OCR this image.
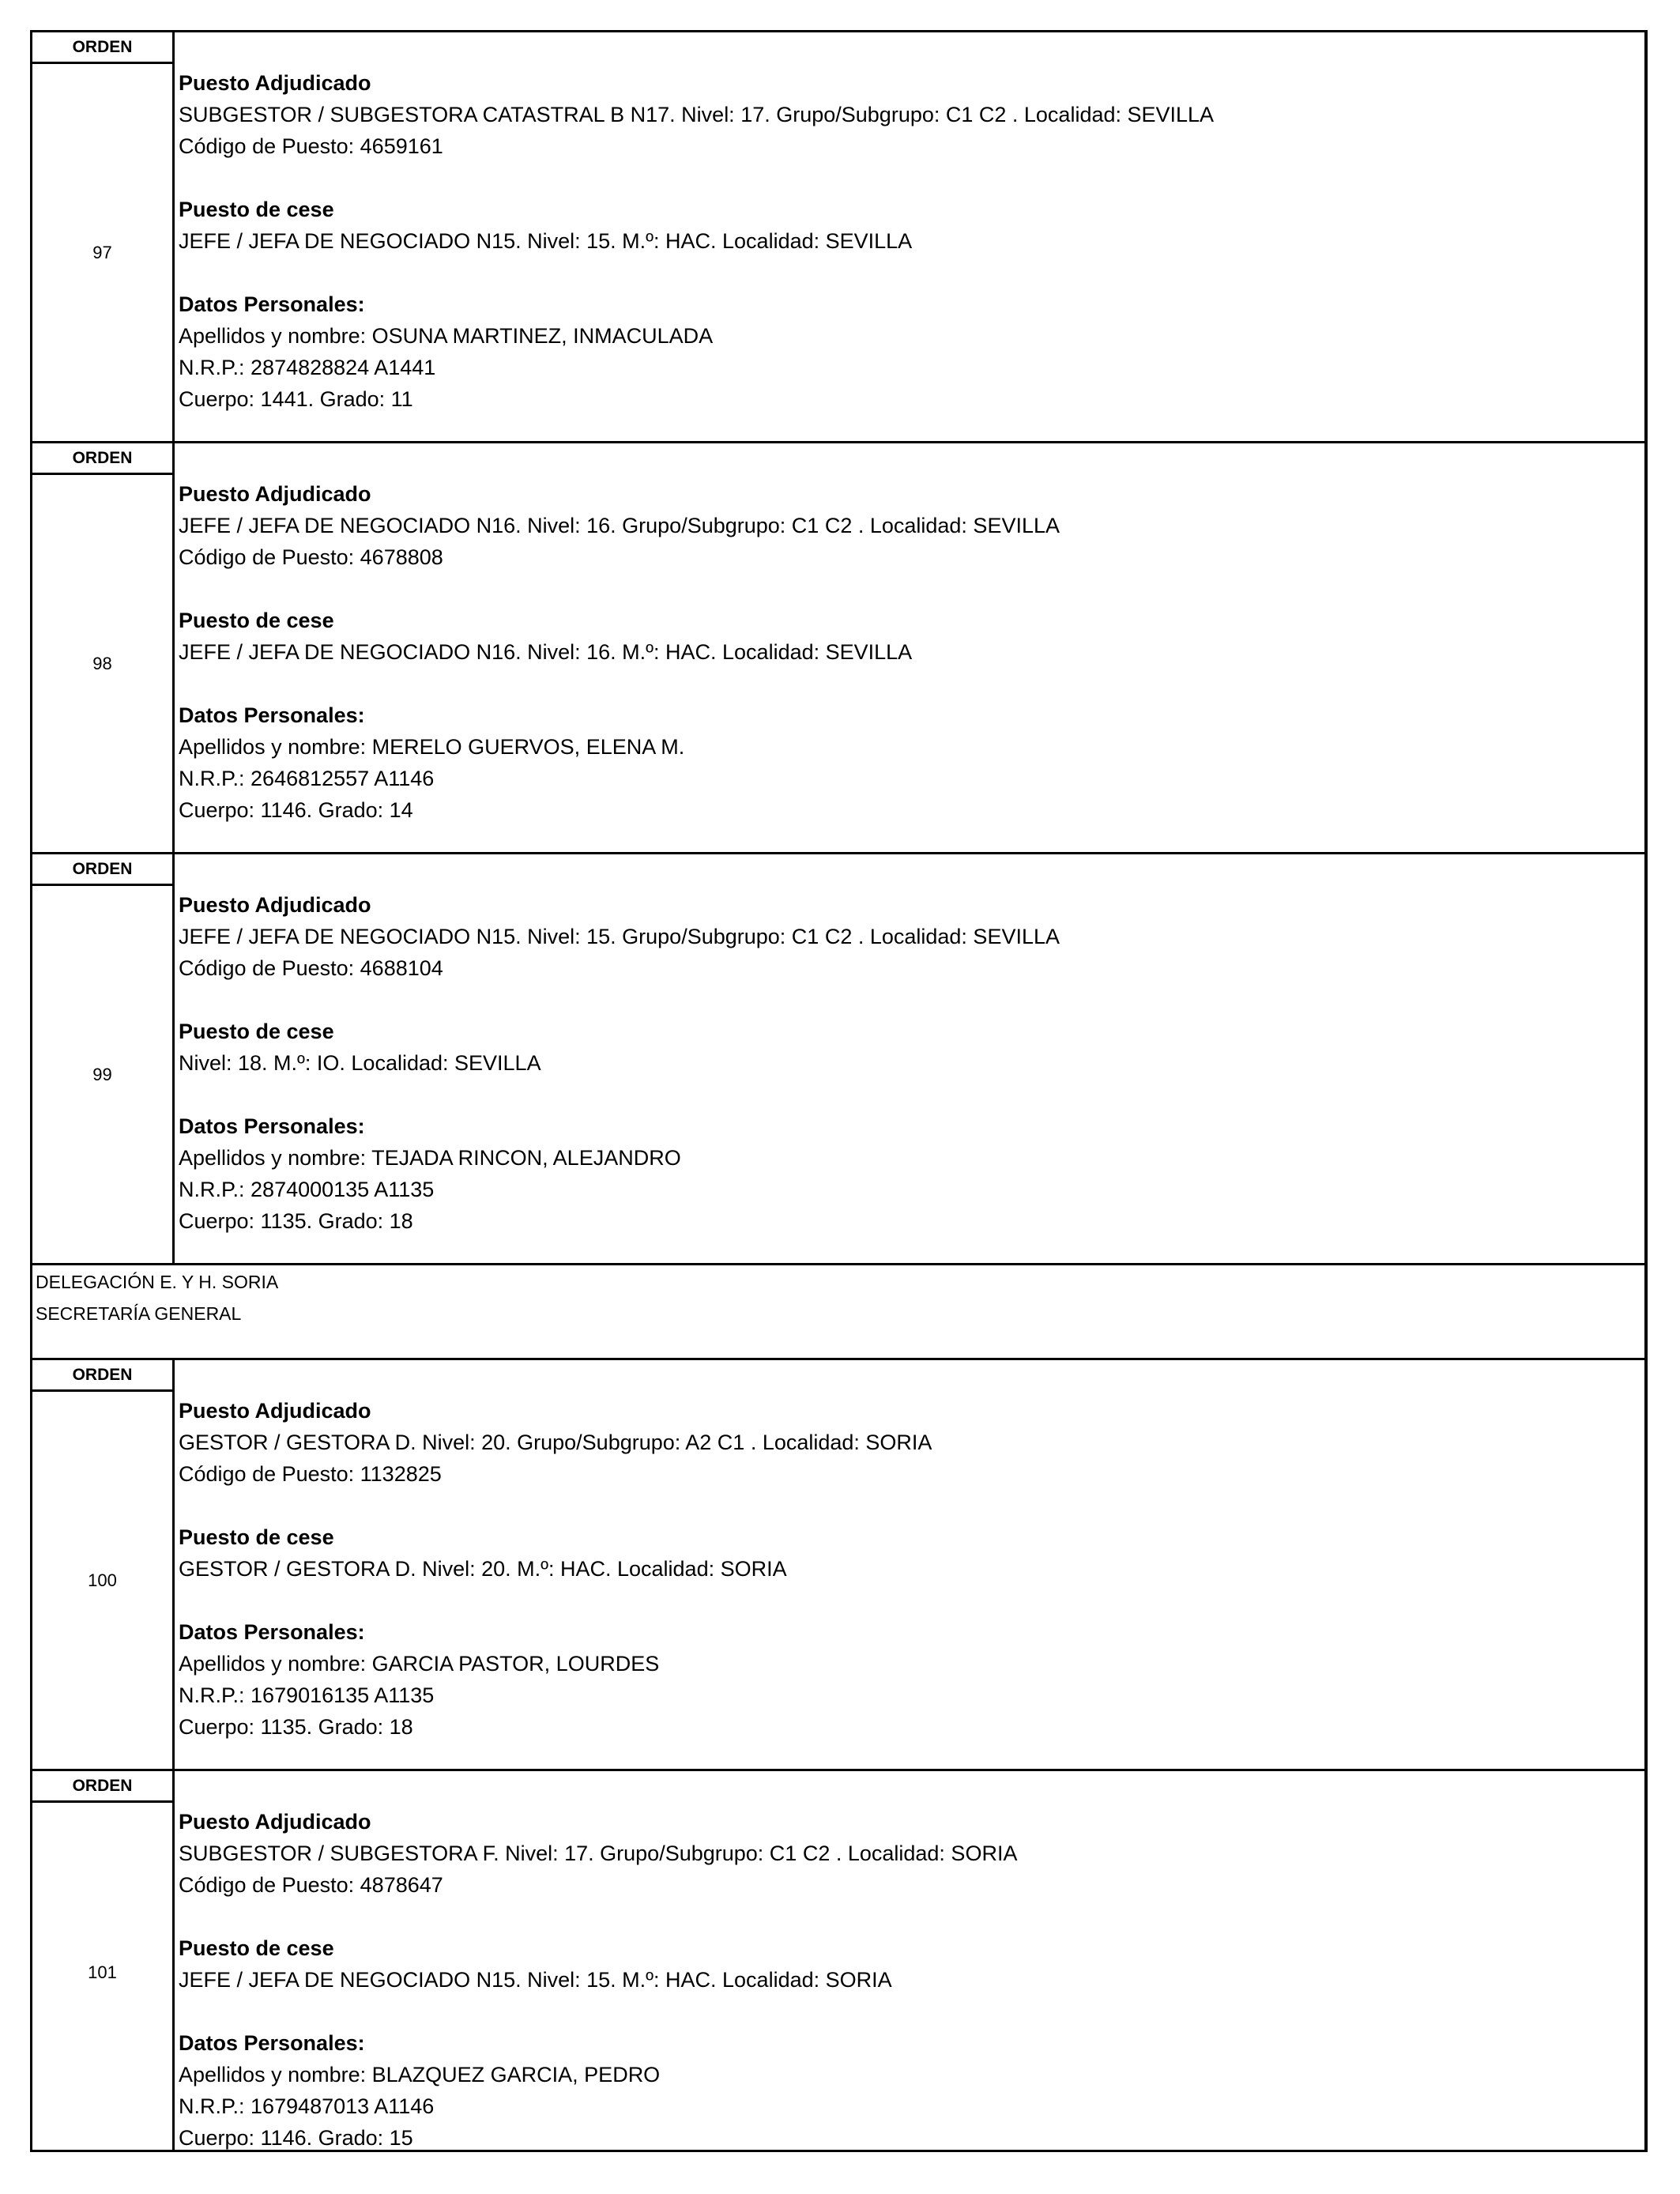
ORDEN
97
Puesto Adjudicado
SUBGESTOR / SUBGESTORA CATASTRAL B N17. Nivel: 17. Grupo/Subgrupo: C1 C2 . Localidad: SEVILLA
Código de Puesto: 4659161
Puesto de cese
JEFE / JEFA DE NEGOCIADO N15. Nivel: 15. M.º: HAC. Localidad: SEVILLA
Datos Personales:
Apellidos y nombre: OSUNA MARTINEZ, INMACULADA
N.R.P.: 2874828824 A1441
Cuerpo: 1441. Grado: 11
ORDEN
98
Puesto Adjudicado
JEFE / JEFA DE NEGOCIADO N16. Nivel: 16. Grupo/Subgrupo: C1 C2 . Localidad: SEVILLA
Código de Puesto: 4678808
Puesto de cese
JEFE / JEFA DE NEGOCIADO N16. Nivel: 16. M.º: HAC. Localidad: SEVILLA
Datos Personales:
Apellidos y nombre: MERELO GUERVOS, ELENA M.
N.R.P.: 2646812557 A1146
Cuerpo: 1146. Grado: 14
ORDEN
99
Puesto Adjudicado
JEFE / JEFA DE NEGOCIADO N15. Nivel: 15. Grupo/Subgrupo: C1 C2 . Localidad: SEVILLA
Código de Puesto: 4688104
Puesto de cese
Nivel: 18. M.º: IO. Localidad: SEVILLA
Datos Personales:
Apellidos y nombre: TEJADA RINCON, ALEJANDRO
N.R.P.: 2874000135 A1135
Cuerpo: 1135. Grado: 18
DELEGACIÓN E. Y H. SORIA
SECRETARÍA GENERAL
ORDEN
100
Puesto Adjudicado
GESTOR / GESTORA D. Nivel: 20. Grupo/Subgrupo: A2 C1 . Localidad: SORIA
Código de Puesto: 1132825
Puesto de cese
GESTOR / GESTORA D. Nivel: 20. M.º: HAC. Localidad: SORIA
Datos Personales:
Apellidos y nombre: GARCIA PASTOR, LOURDES
N.R.P.: 1679016135 A1135
Cuerpo: 1135. Grado: 18
ORDEN
101
Puesto Adjudicado
SUBGESTOR / SUBGESTORA F. Nivel: 17. Grupo/Subgrupo: C1 C2 . Localidad: SORIA
Código de Puesto: 4878647
Puesto de cese
JEFE / JEFA DE NEGOCIADO N15. Nivel: 15. M.º: HAC. Localidad: SORIA
Datos Personales:
Apellidos y nombre: BLAZQUEZ GARCIA, PEDRO
N.R.P.: 1679487013 A1146
Cuerpo: 1146. Grado: 15
